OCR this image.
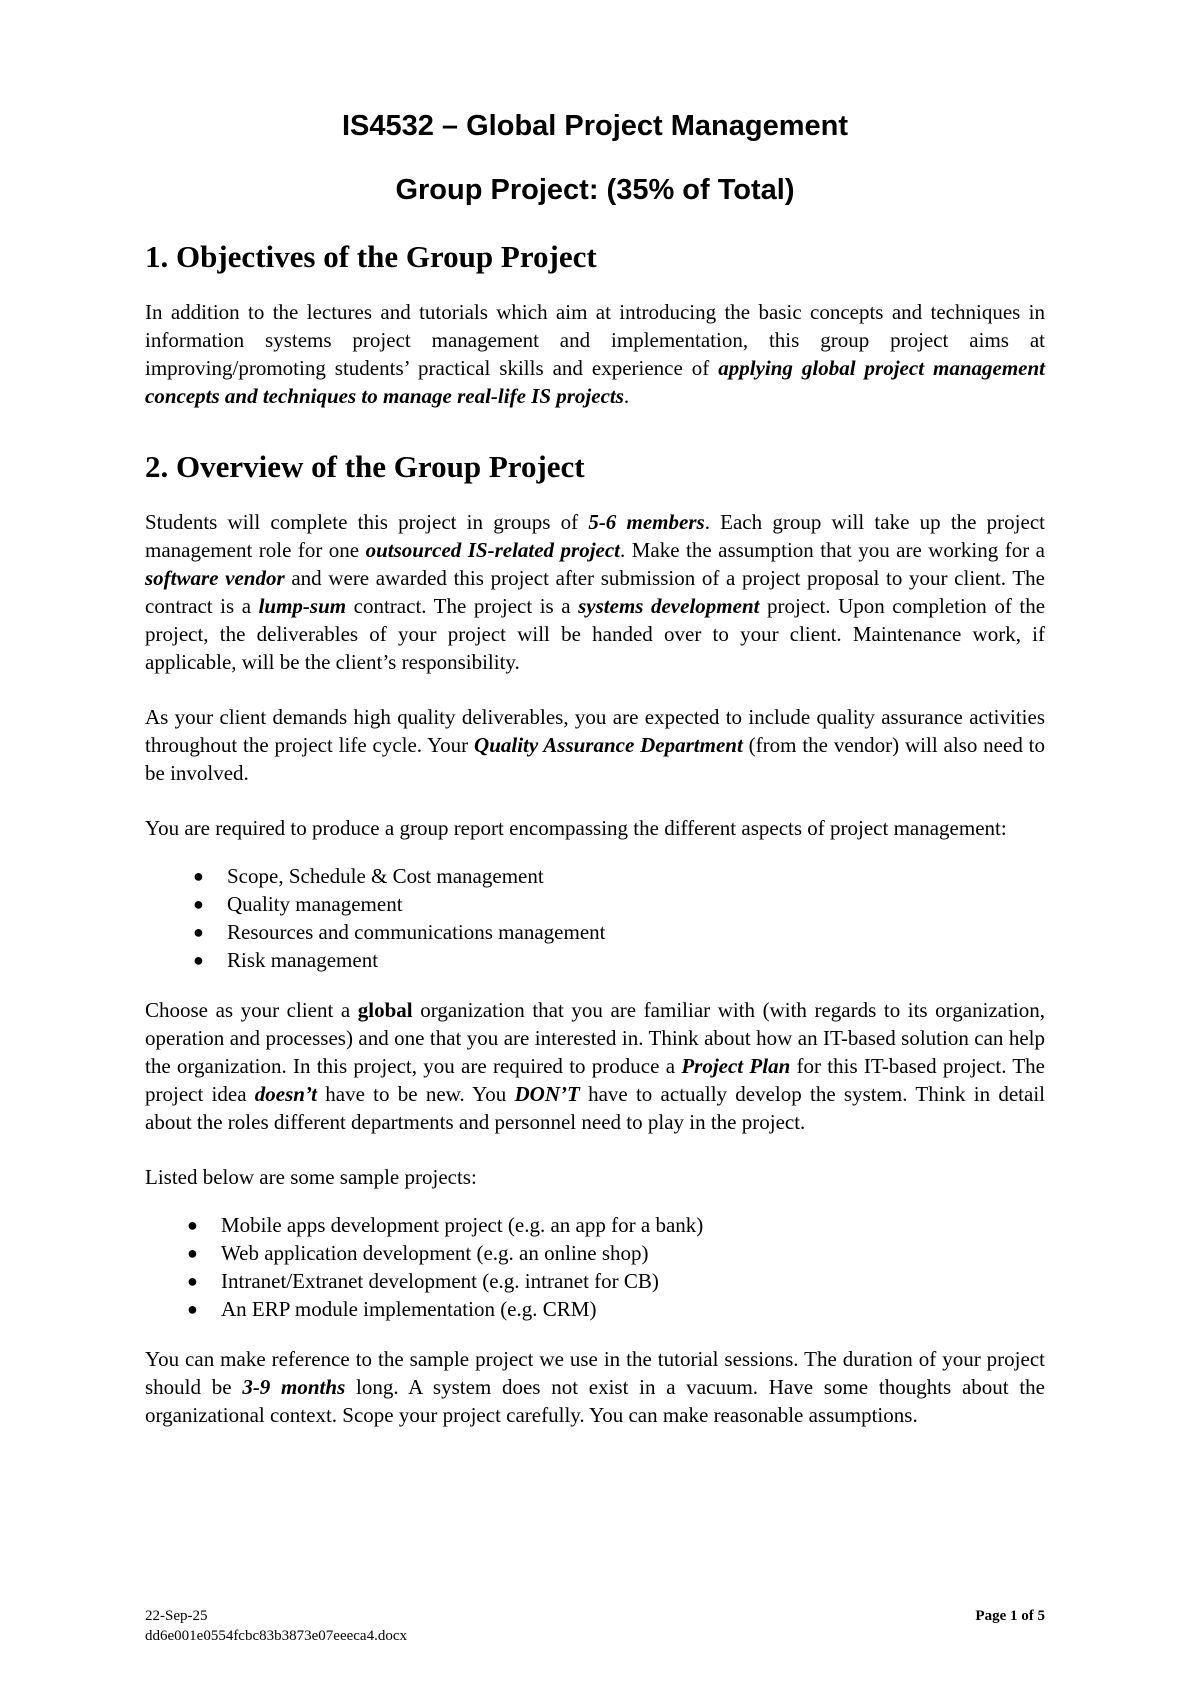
IS4532 – Global Project Management
Group Project: (35% of Total)
1. Objectives of the Group Project

In addition to the lectures and tutorials which aim at introducing the basic concepts and techniques in information systems project management and implementation, this group project aims at improving/promoting students’ practical skills and experience of applying global project management concepts and techniques to manage real-life IS projects.

2. Overview of the Group Project

Students will complete this project in groups of 5-6 members. Each group will take up the project management role for one outsourced IS-related project. Make the assumption that you are working for a software vendor and were awarded this project after submission of a project proposal to your client. The contract is a lump-sum contract. The project is a systems development project. Upon completion of the project, the deliverables of your project will be handed over to your client. Maintenance work, if applicable, will be the client’s responsibility.

As your client demands high quality deliverables, you are expected to include quality assurance activities throughout the project life cycle. Your Quality Assurance Department (from the vendor) will also need to be involved.

You are required to produce a group report encompassing the different aspects of project management:

● Scope, Schedule & Cost management
● Quality management
● Resources and communications management
● Risk management

Choose as your client a global organization that you are familiar with (with regards to its organization, operation and processes) and one that you are interested in. Think about how an IT-based solution can help the organization. In this project, you are required to produce a Project Plan for this IT-based project. The project idea doesn’t have to be new. You DON’T have to actually develop the system. Think in detail about the roles different departments and personnel need to play in the project.

Listed below are some sample projects:

● Mobile apps development project (e.g. an app for a bank)
● Web application development (e.g. an online shop)
● Intranet/Extranet development (e.g. intranet for CB)
● An ERP module implementation (e.g. CRM)

You can make reference to the sample project we use in the tutorial sessions. The duration of your project should be 3-9 months long. A system does not exist in a vacuum. Have some thoughts about the organizational context. Scope your project carefully. You can make reasonable assumptions.

22-Sep-25	Page 1 of 5
dd6e001e0554fcbc83b3873e07eeeca4.docx
